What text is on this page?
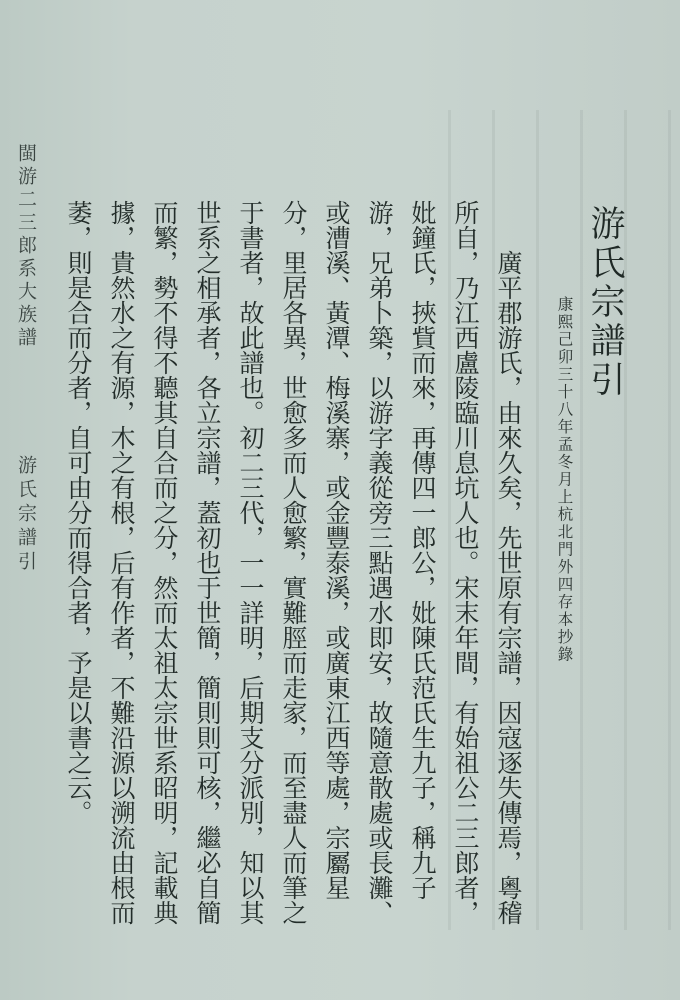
游氏宗譜引
康熙己卯三十八年孟冬月上杭北門外四存本抄錄

廣平郡游氏，由來久矣，先世原有宗譜，因寇逐失傳焉，粵稽所自，乃江西盧陵臨川息坑人也。宋末年間，有始祖公二三郎者，妣鐘氏，挾貲而來，再傳四一郎公，妣陳氏范氏生九子，稱九子游，兄弟卜築，以游字義從旁三點遇水即安，故隨意散處或長灘、或漕溪、黃潭、梅溪寨，或金豐泰溪，或廣東江西等處，宗屬星分，里居各異，世愈多而人愈繁，實難脛而走家，而至盡人而筆之于書者，故此譜也。初二三代，一一詳明，后期支分派別，知以其世系之相承者，各立宗譜，蓋初也于世簡，簡則則可核，繼必自簡而繁，勢不得不聽其自合而之分，然而太祖太宗世系昭明，記載典據，貴然水之有源，木之有根，后有作者，不難沿源以溯流由根而萎，則是合而分者，自可由分而得合者，予是以書之云。

閩游二三郎系大族譜
游氏宗譜引
